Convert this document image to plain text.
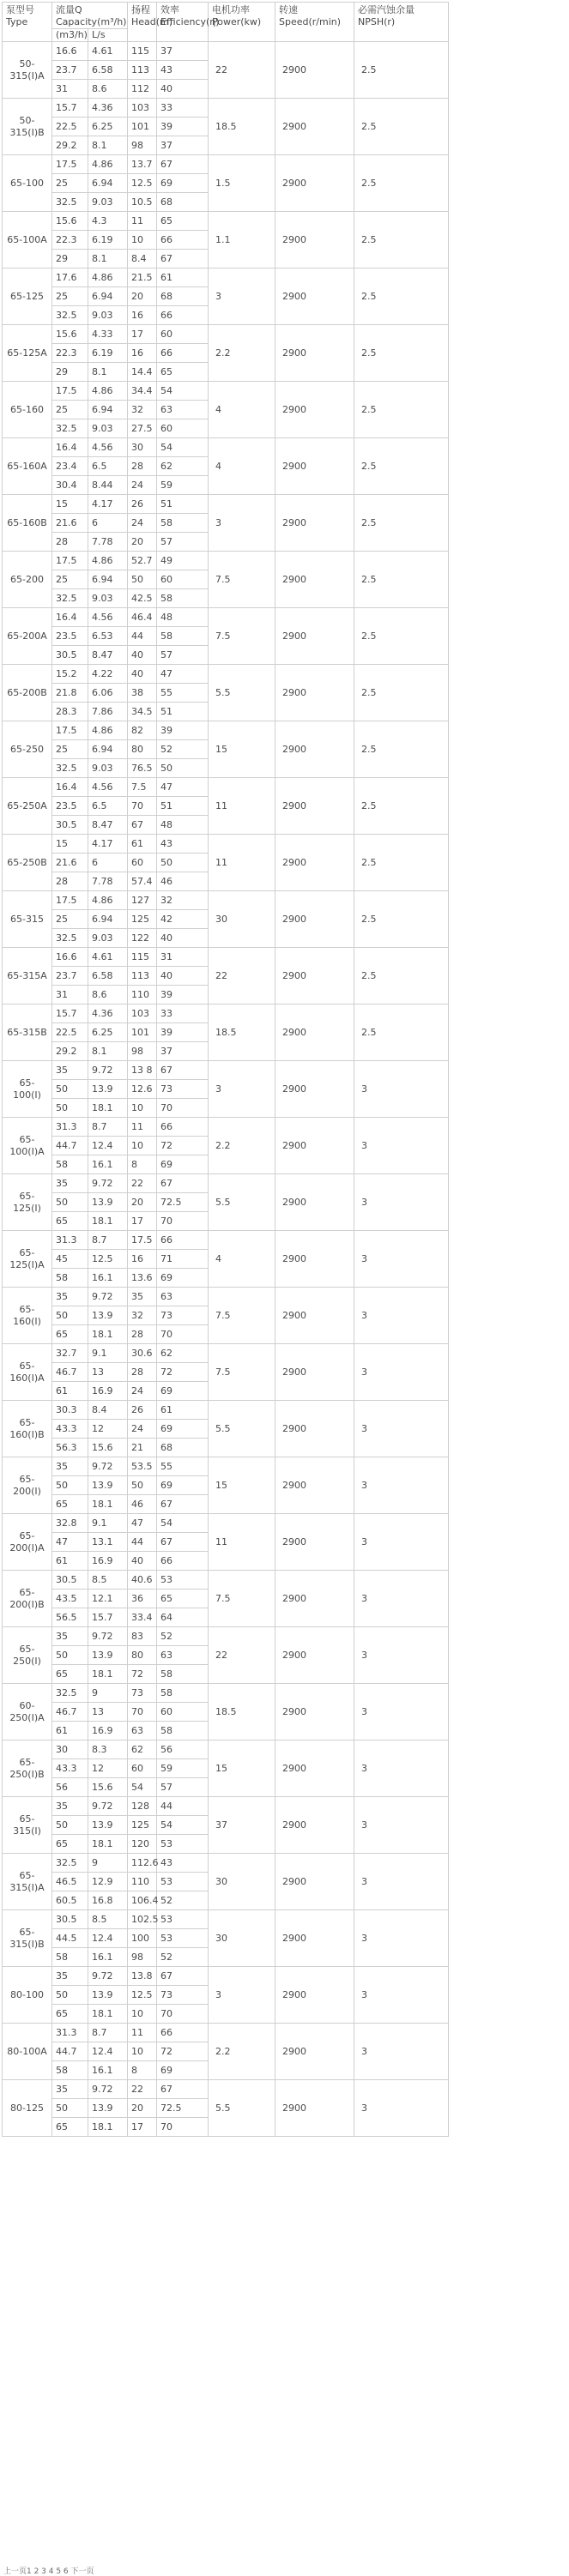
泵型号 Type	流量Q Capacity(m³/h)		扬程 Head(m)	效率 Efficiency(η)	电机功率 Power(kw)	转速 Speed(r/min)	必需汽蚀余量 NPSH(r)
	(m3/h)	L/s					
50-315(I)A	16.6	4.61	115	37	22	2900	2.5
	23.7	6.58	113	43			
	31	8.6	112	40			
50-315(I)B	15.7	4.36	103	33	18.5	2900	2.5
	22.5	6.25	101	39			
	29.2	8.1	98	37			
65-100	17.5	4.86	13.7	67	1.5	2900	2.5
	25	6.94	12.5	69			
	32.5	9.03	10.5	68			
65-100A	15.6	4.3	11	65	1.1	2900	2.5
	22.3	6.19	10	66			
	29	8.1	8.4	67			
65-125	17.6	4.86	21.5	61	3	2900	2.5
	25	6.94	20	68			
	32.5	9.03	16	66			
65-125A	15.6	4.33	17	60	2.2	2900	2.5
	22.3	6.19	16	66			
	29	8.1	14.4	65			
65-160	17.5	4.86	34.4	54	4	2900	2.5
	25	6.94	32	63			
	32.5	9.03	27.5	60			
65-160A	16.4	4.56	30	54	4	2900	2.5
	23.4	6.5	28	62			
	30.4	8.44	24	59			
65-160B	15	4.17	26	51	3	2900	2.5
	21.6	6	24	58			
	28	7.78	20	57			
65-200	17.5	4.86	52.7	49	7.5	2900	2.5
	25	6.94	50	60			
	32.5	9.03	42.5	58			
65-200A	16.4	4.56	46.4	48	7.5	2900	2.5
	23.5	6.53	44	58			
	30.5	8.47	40	57			
65-200B	15.2	4.22	40	47	5.5	2900	2.5
	21.8	6.06	38	55			
	28.3	7.86	34.5	51			
65-250	17.5	4.86	82	39	15	2900	2.5
	25	6.94	80	52			
	32.5	9.03	76.5	50			
65-250A	16.4	4.56	7.5	47	11	2900	2.5
	23.5	6.5	70	51			
	30.5	8.47	67	48			
65-250B	15	4.17	61	43	11	2900	2.5
	21.6	6	60	50			
	28	7.78	57.4	46			
65-315	17.5	4.86	127	32	30	2900	2.5
	25	6.94	125	42			
	32.5	9.03	122	40			
65-315A	16.6	4.61	115	31	22	2900	2.5
	23.7	6.58	113	40			
	31	8.6	110	39			
65-315B	15.7	4.36	103	33	18.5	2900	2.5
	22.5	6.25	101	39			
	29.2	8.1	98	37			
65-100(I)	35	9.72	13 8	67	3	2900	3
	50	13.9	12.6	73			
	50	18.1	10	70			
65-100(I)A	31.3	8.7	11	66	2.2	2900	3
	44.7	12.4	10	72			
	58	16.1	8	69			
65-125(I)	35	9.72	22	67	5.5	2900	3
	50	13.9	20	72.5			
	65	18.1	17	70			
65-125(I)A	31.3	8.7	17.5	66	4	2900	3
	45	12.5	16	71			
	58	16.1	13.6	69			
65-160(I)	35	9.72	35	63	7.5	2900	3
	50	13.9	32	73			
	65	18.1	28	70			
65-160(I)A	32.7	9.1	30.6	62	7.5	2900	3
	46.7	13	28	72			
	61	16.9	24	69			
65-160(I)B	30.3	8.4	26	61	5.5	2900	3
	43.3	12	24	69			
	56.3	15.6	21	68			
65-200(I)	35	9.72	53.5	55	15	2900	3
	50	13.9	50	69			
	65	18.1	46	67			
65-200(I)A	32.8	9.1	47	54	11	2900	3
	47	13.1	44	67			
	61	16.9	40	66			
65-200(I)B	30.5	8.5	40.6	53	7.5	2900	3
	43.5	12.1	36	65			
	56.5	15.7	33.4	64			
65-250(I)	35	9.72	83	52	22	2900	3
	50	13.9	80	63			
	65	18.1	72	58			
60-250(I)A	32.5	9	73	58	18.5	2900	3
	46.7	13	70	60			
	61	16.9	63	58			
65-250(I)B	30	8.3	62	56	15	2900	3
	43.3	12	60	59			
	56	15.6	54	57			
65-315(I)	35	9.72	128	44	37	2900	3
	50	13.9	125	54			
	65	18.1	120	53			
65-315(I)A	32.5	9	112.6	43	30	2900	3
	46.5	12.9	110	53			
	60.5	16.8	106.4	52			
65-315(I)B	30.5	8.5	102.5	53	30	2900	3
	44.5	12.4	100	53			
	58	16.1	98	52			
80-100	35	9.72	13.8	67	3	2900	3
	50	13.9	12.5	73			
	65	18.1	10	70			
80-100A	31.3	8.7	11	66	2.2	2900	3
	44.7	12.4	10	72			
	58	16.1	8	69			
80-125	35	9.72	22	67	5.5	2900	3
	50	13.9	20	72.5			
	65	18.1	17	70			
上一页1 2 3 4 5 6 下一页
